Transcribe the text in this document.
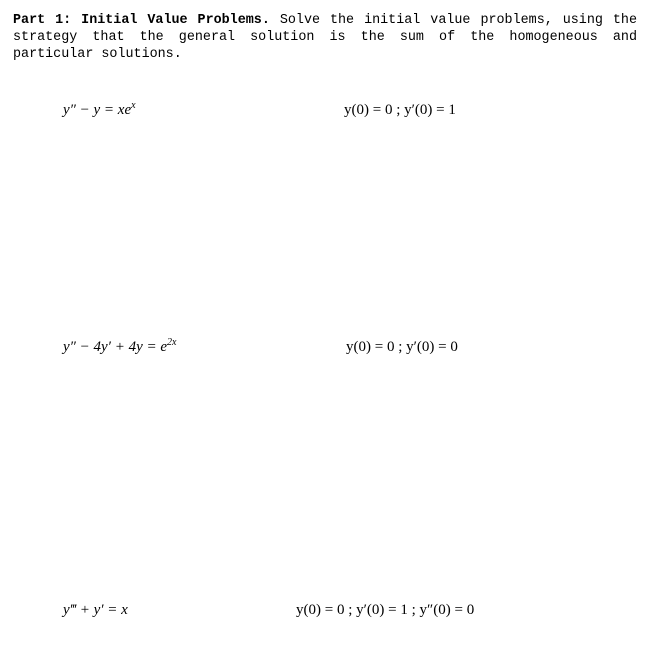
Part 1: Initial Value Problems. Solve the initial value problems, using the strategy that the general solution is the sum of the homogeneous and particular solutions.

$y'' - y = xe^x$	y(0) = 0 ; y′(0) = 1
$y'' - 4y' + 4y = e^{2x}$	y(0) = 0 ; y′(0) = 0
y‴ + y′ = x	y(0) = 0 ; y′(0) = 1 ; y″(0) = 0
